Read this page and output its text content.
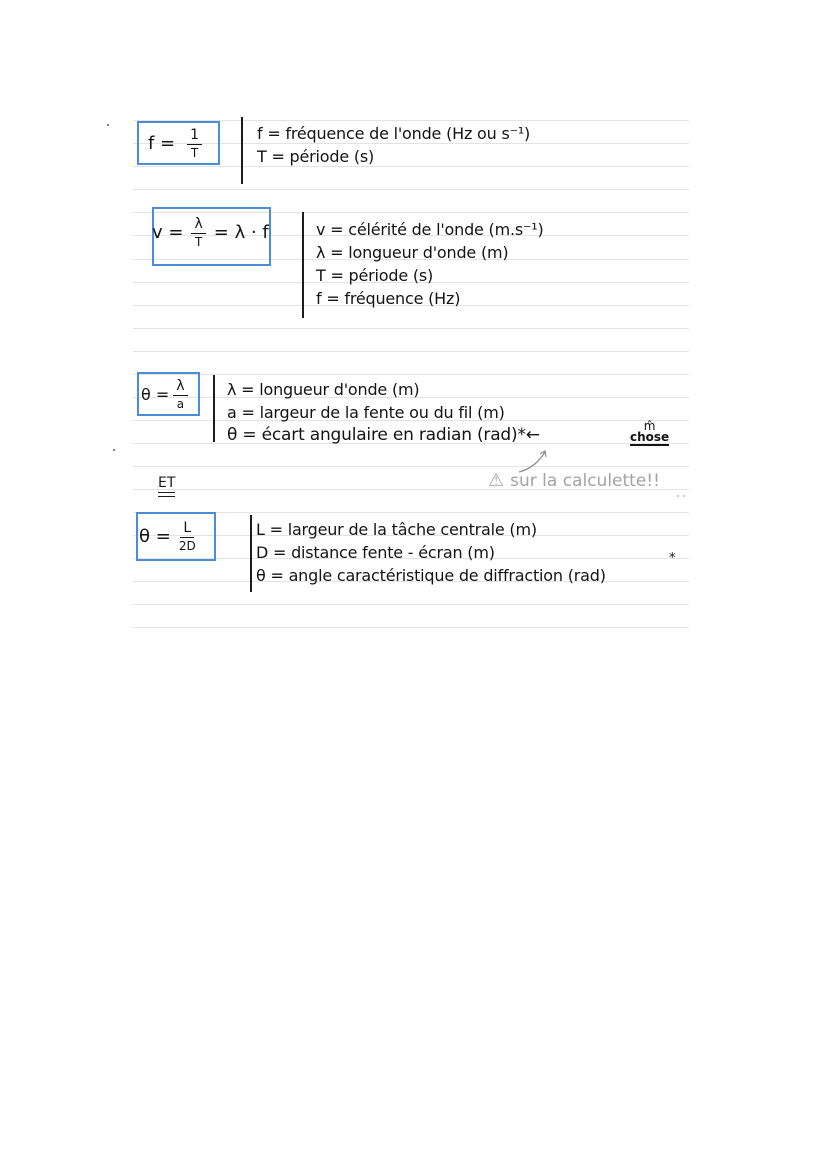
$f = \frac{1}{T}$	f = fréquence de l'onde (Hz ou s⁻¹)
T = période (s)
$v = \frac{\lambda}{T} = \lambda \cdot f$	v = célérité de l'onde (m.s⁻¹)
λ = longueur d'onde (m)
T = période (s)
f = fréquence (Hz)
$\theta = \frac{\lambda}{a}$ λ = longueur d'onde (m)
a = largeur de la fente ou du fil (m)
θ = écart angulaire en radian (rad)*←	m̂
chose
⚠ sur la calculette!!
ET
$\theta = \frac{L}{2D}$	L = largeur de la tâche centrale (m)
D = distance fente - écran (m)
θ = angle caractéristique de diffraction (rad)
*
